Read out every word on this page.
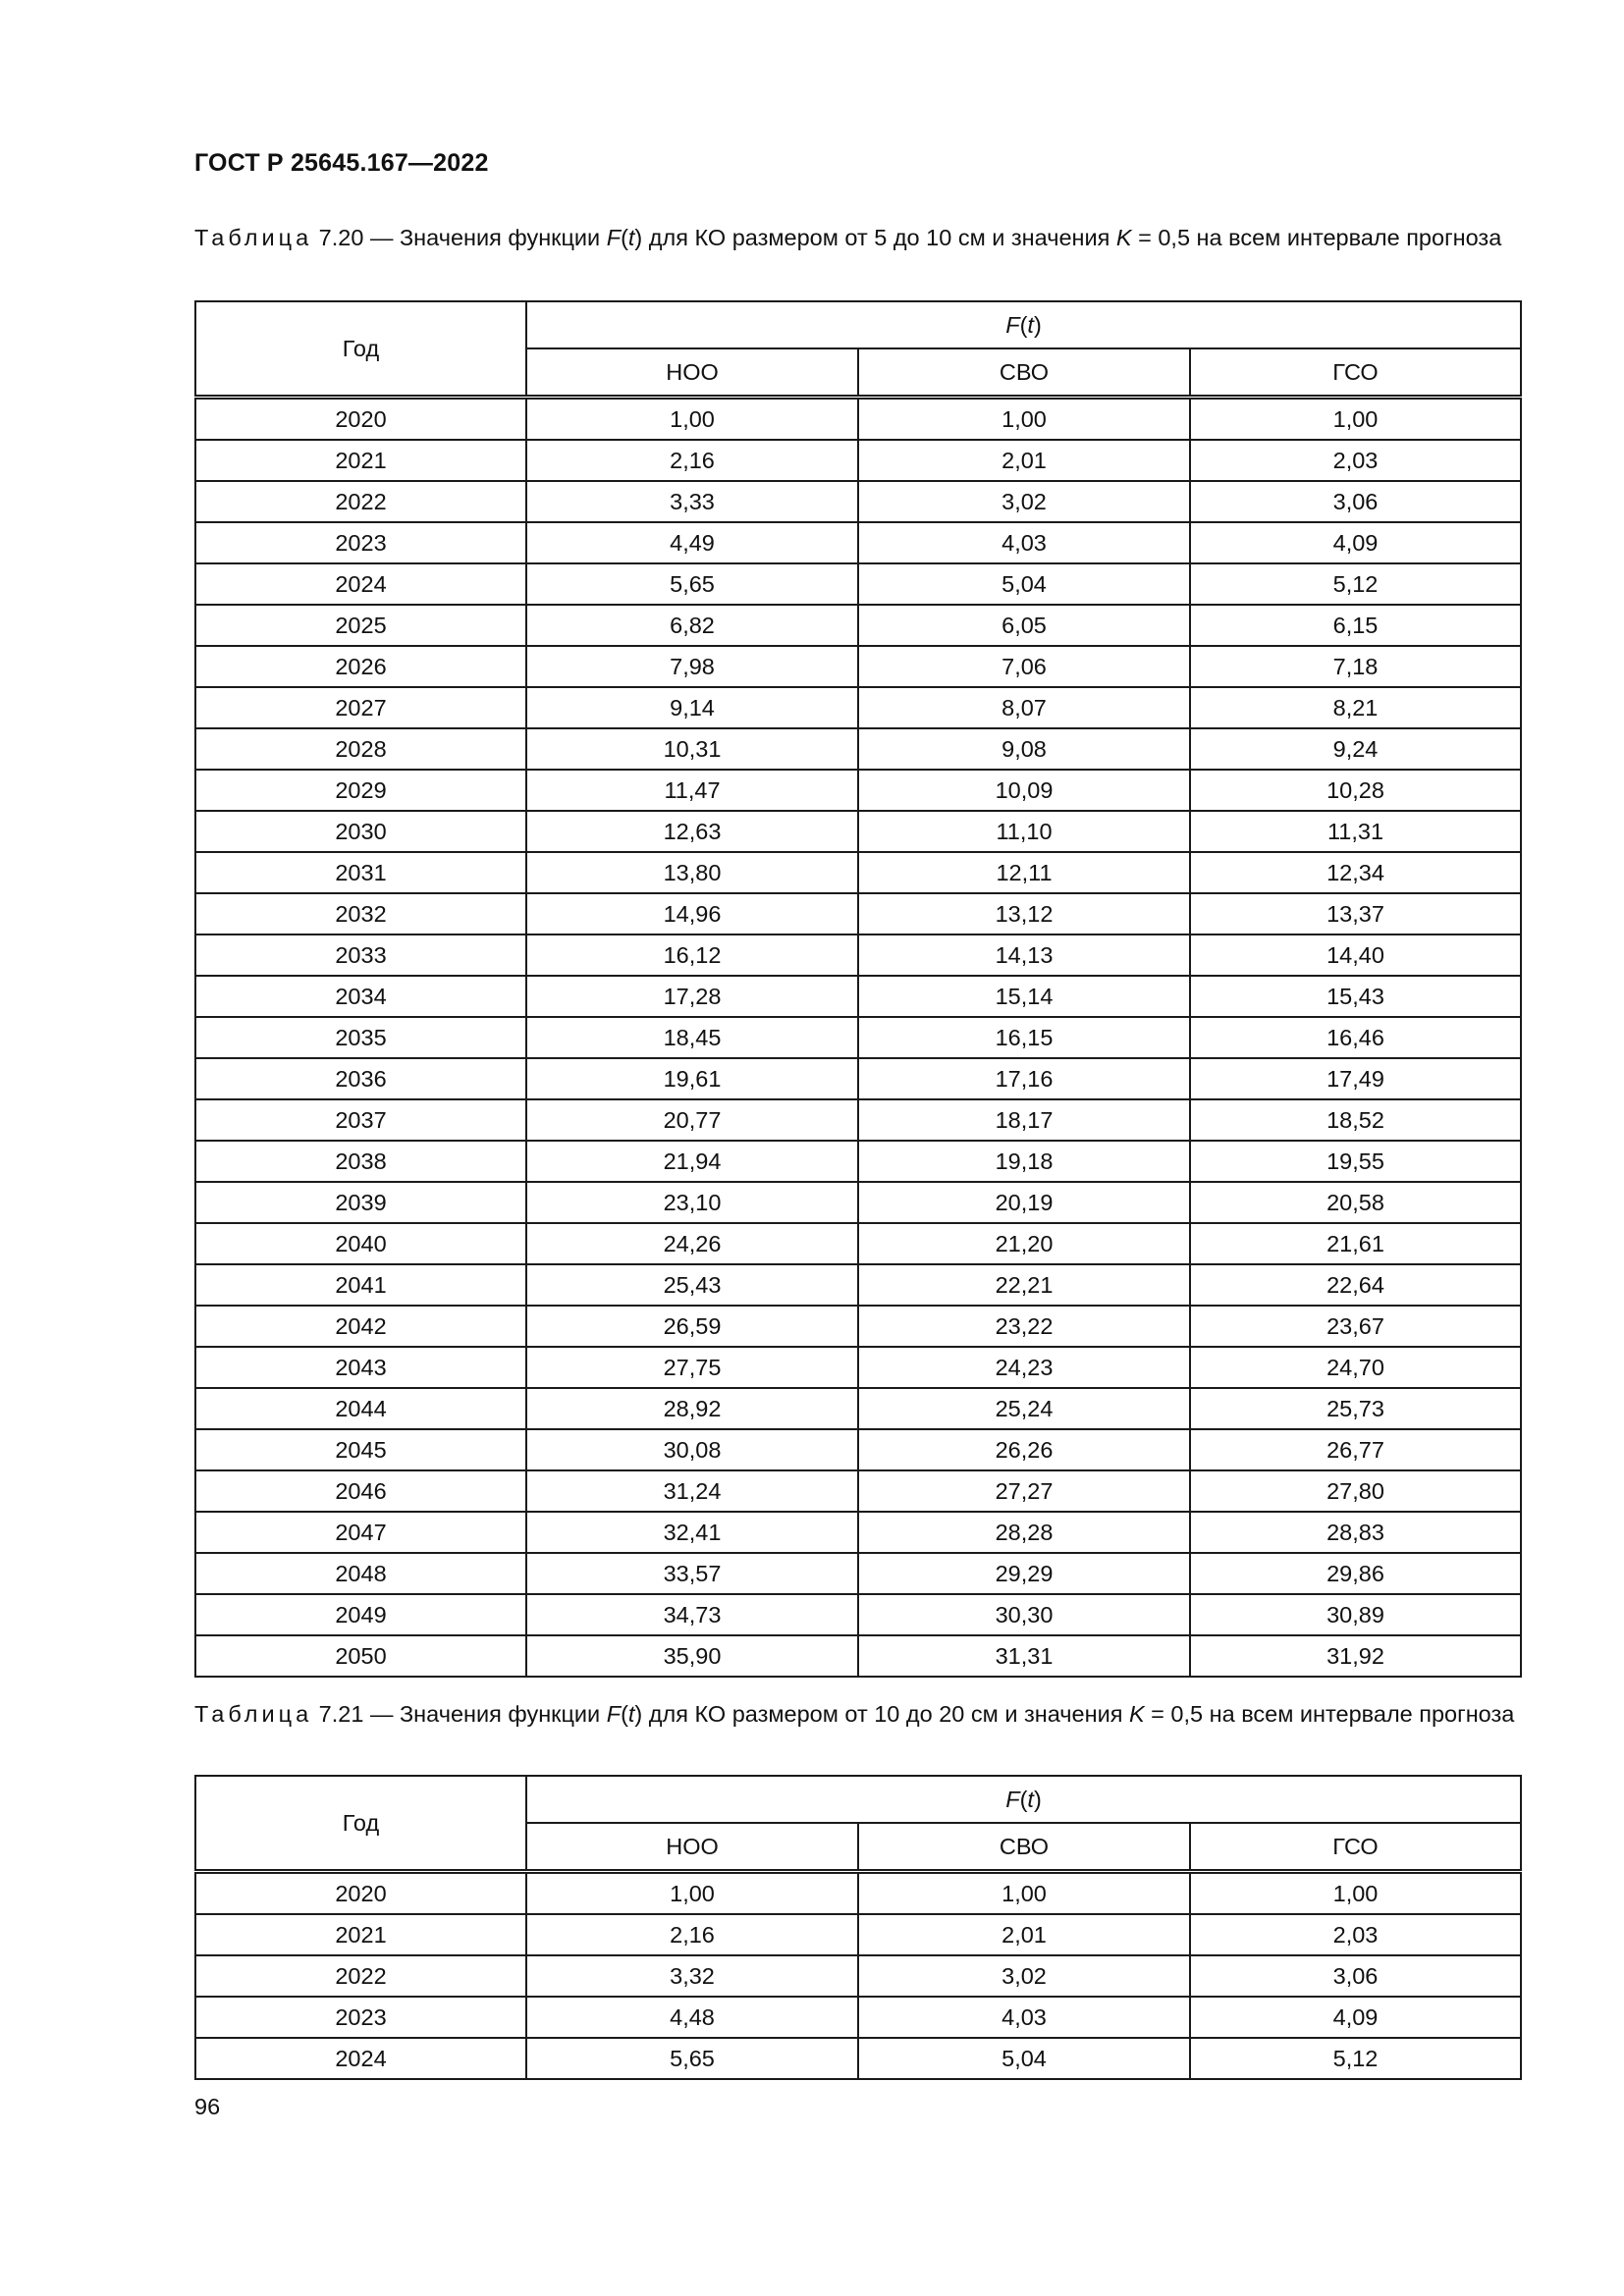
ГОСТ Р 25645.167—2022
Таблица 7.20 — Значения функции F(t) для КО размером от 5 до 10 см и значения K = 0,5 на всем интервале прогноза
Год	F(t)		
	НОО	СВО	ГСО
2020	1,00	1,00	1,00
2021	2,16	2,01	2,03
2022	3,33	3,02	3,06
2023	4,49	4,03	4,09
2024	5,65	5,04	5,12
2025	6,82	6,05	6,15
2026	7,98	7,06	7,18
2027	9,14	8,07	8,21
2028	10,31	9,08	9,24
2029	11,47	10,09	10,28
2030	12,63	11,10	11,31
2031	13,80	12,11	12,34
2032	14,96	13,12	13,37
2033	16,12	14,13	14,40
2034	17,28	15,14	15,43
2035	18,45	16,15	16,46
2036	19,61	17,16	17,49
2037	20,77	18,17	18,52
2038	21,94	19,18	19,55
2039	23,10	20,19	20,58
2040	24,26	21,20	21,61
2041	25,43	22,21	22,64
2042	26,59	23,22	23,67
2043	27,75	24,23	24,70
2044	28,92	25,24	25,73
2045	30,08	26,26	26,77
2046	31,24	27,27	27,80
2047	32,41	28,28	28,83
2048	33,57	29,29	29,86
2049	34,73	30,30	30,89
2050	35,90	31,31	31,92
Таблица 7.21 — Значения функции F(t) для КО размером от 10 до 20 см и значения K = 0,5 на всем интервале прогноза
Год	F(t)		
	НОО	СВО	ГСО
2020	1,00	1,00	1,00
2021	2,16	2,01	2,03
2022	3,32	3,02	3,06
2023	4,48	4,03	4,09
2024	5,65	5,04	5,12
96
